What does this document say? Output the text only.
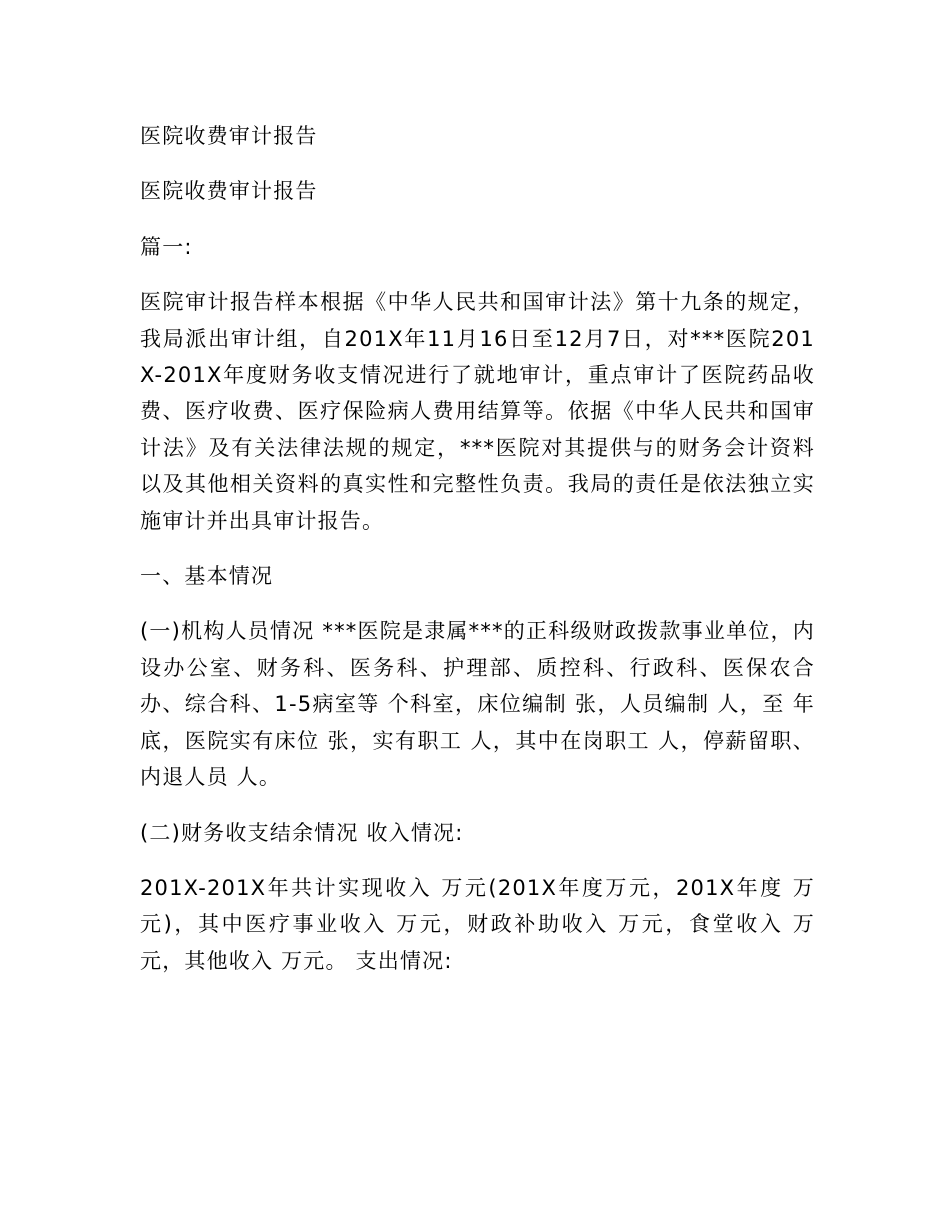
医院收费审计报告

医院收费审计报告

篇一:

医院审计报告样本根据《中华人民共和国审计法》第十九条的规定，我局派出审计组，自201X年11月16日至12月7日，对***医院201X-201X年度财务收支情况进行了就地审计，重点审计了医院药品收费、医疗收费、医疗保险病人费用结算等。依据《中华人民共和国审计法》及有关法律法规的规定，***医院对其提供与的财务会计资料以及其他相关资料的真实性和完整性负责。我局的责任是依法独立实施审计并出具审计报告。

一、基本情况

(一)机构人员情况 ***医院是隶属***的正科级财政拨款事业单位，内设办公室、财务科、医务科、护理部、质控科、行政科、医保农合办、综合科、1-5病室等 个科室，床位编制 张，人员编制 人，至 年底，医院实有床位 张，实有职工 人，其中在岗职工 人，停薪留职、内退人员 人。

(二)财务收支结余情况 收入情况:

201X-201X年共计实现收入 万元(201X年度万元，201X年度 万元)，其中医疗事业收入 万元，财政补助收入 万元，食堂收入 万元，其他收入 万元。 支出情况:
